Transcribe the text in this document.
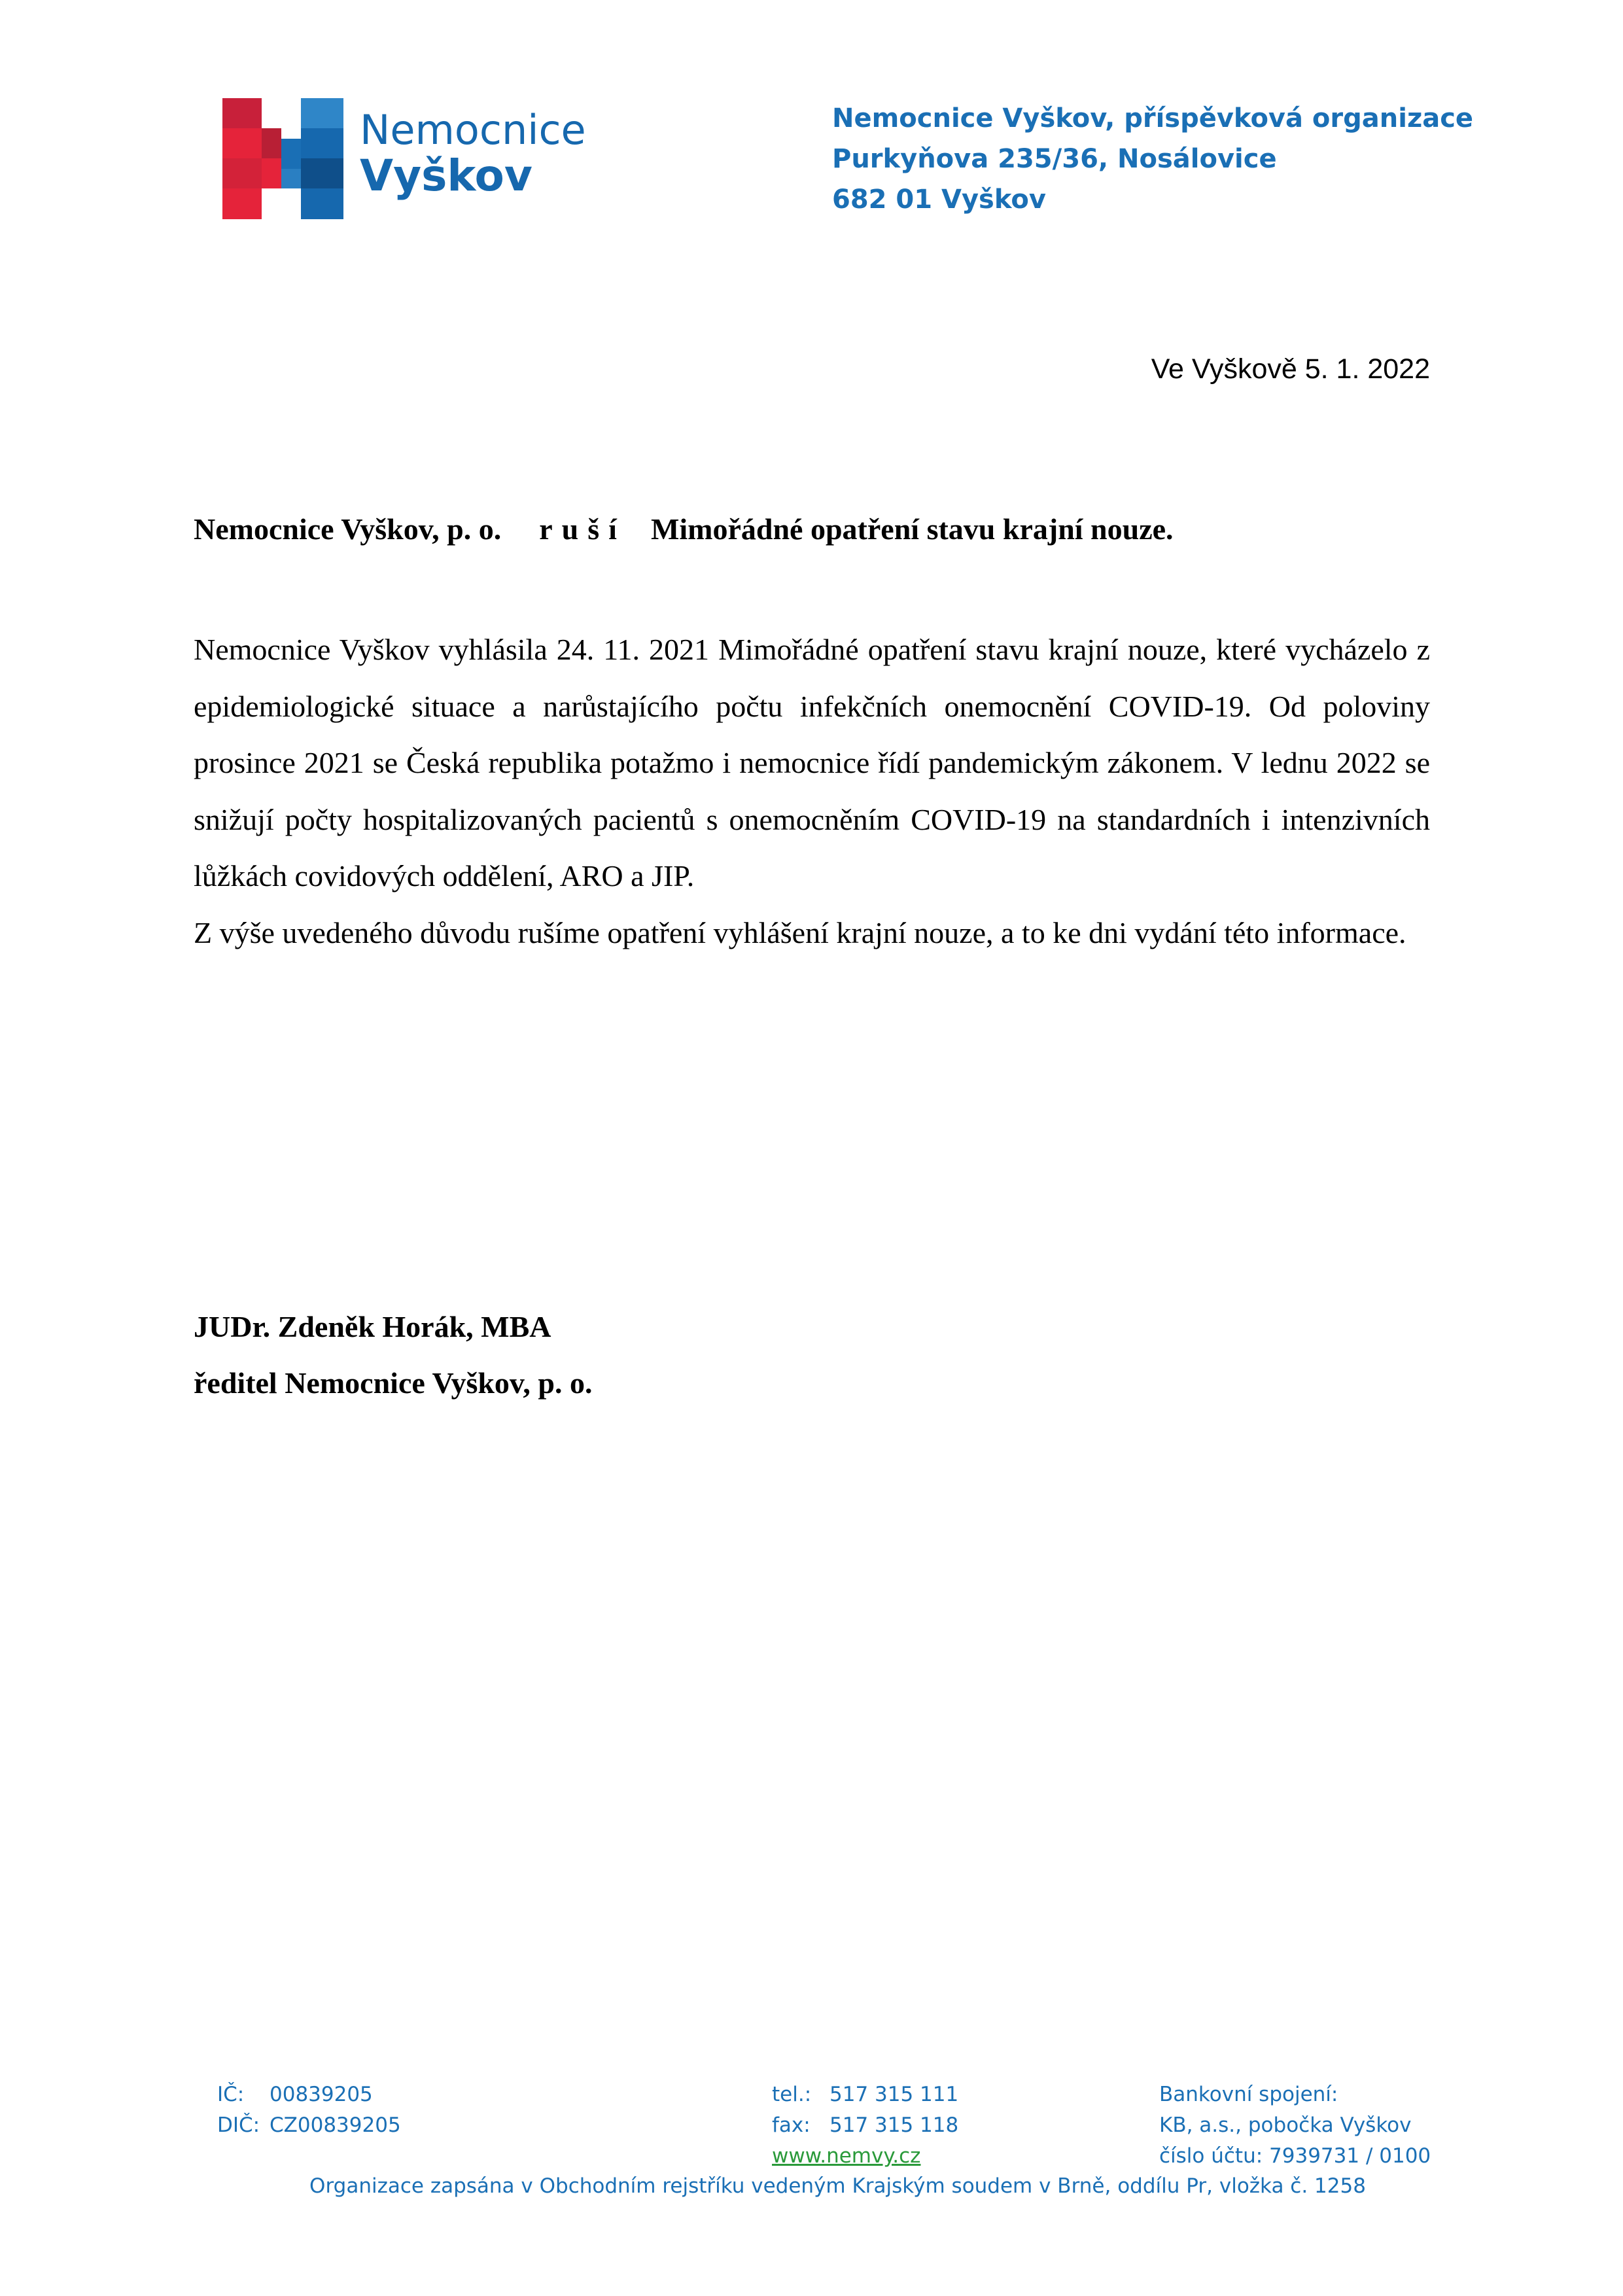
Nemocnice
Vyškov
Nemocnice Vyškov, příspěvková organizace
Purkyňova 235/36, Nosálovice
682 01 Vyškov
Ve Vyškově 5. 1. 2022
Nemocnice Vyškov, p. o. ruší Mimořádné opatření stavu krajní nouze.

Nemocnice Vyškov vyhlásila 24. 11. 2021 Mimořádné opatření stavu krajní nouze, které vycházelo z epidemiologické situace a narůstajícího počtu infekčních onemocnění COVID-19. Od poloviny prosince 2021 se Česká republika potažmo i nemocnice řídí pandemickým zákonem. V lednu 2022 se snižují počty hospitalizovaných pacientů s onemocněním COVID-19 na standardních i intenzivních lůžkách covidových oddělení, ARO a JIP.

Z výše uvedeného důvodu rušíme opatření vyhlášení krajní nouze, a to ke dni vydání této informace.

JUDr. Zdeněk Horák, MBA
ředitel Nemocnice Vyškov, p. o.
IČ: 00839205
DIČ: CZ00839205
tel.: 517 315 111
fax: 517 315 118
www.nemvy.cz
Bankovní spojení:
KB, a.s., pobočka Vyškov
číslo účtu: 7939731 / 0100
Organizace zapsána v Obchodním rejstříku vedeným Krajským soudem v Brně, oddílu Pr, vložka č. 1258
